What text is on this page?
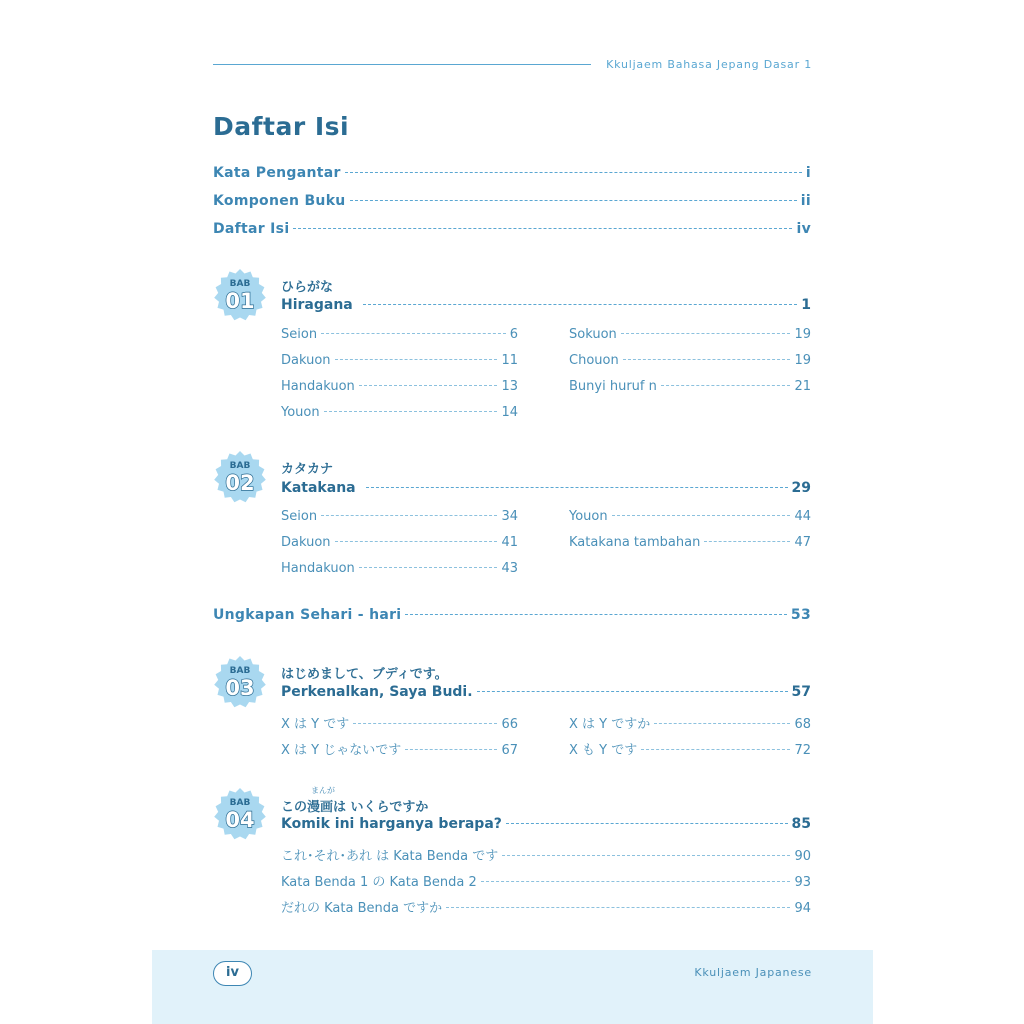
Kkuljaem Bahasa Jepang Dasar 1
Daftar Isi
Kata Pengantar	i
Komponen Buku	ii
Daftar Isi	iv
BAB
01
ひらがな
Hiragana	1
Seion	6
Dakuon	11
Handakuon	13
Youon	14
Sokuon	19
Chouon	19
Bunyi huruf n	21
BAB
02
カタカナ
Katakana	29
Seion	34
Dakuon	41
Handakuon	43
Youon	44
Katakana tambahan	47
Ungkapan Sehari - hari	53
BAB
03
はじめまして、ブディです。
Perkenalkan, Saya Budi.	57
X は Y です	66
X は Y じゃないです	67
X は Y ですか	68
X も Y です	72
BAB
04
まんが
この漫画は いくらですか
Komik ini harganya berapa?	85
これ･それ･あれ は Kata Benda です	90
Kata Benda 1 の Kata Benda 2	93
だれの Kata Benda ですか	94
iv	Kkuljaem Japanese
